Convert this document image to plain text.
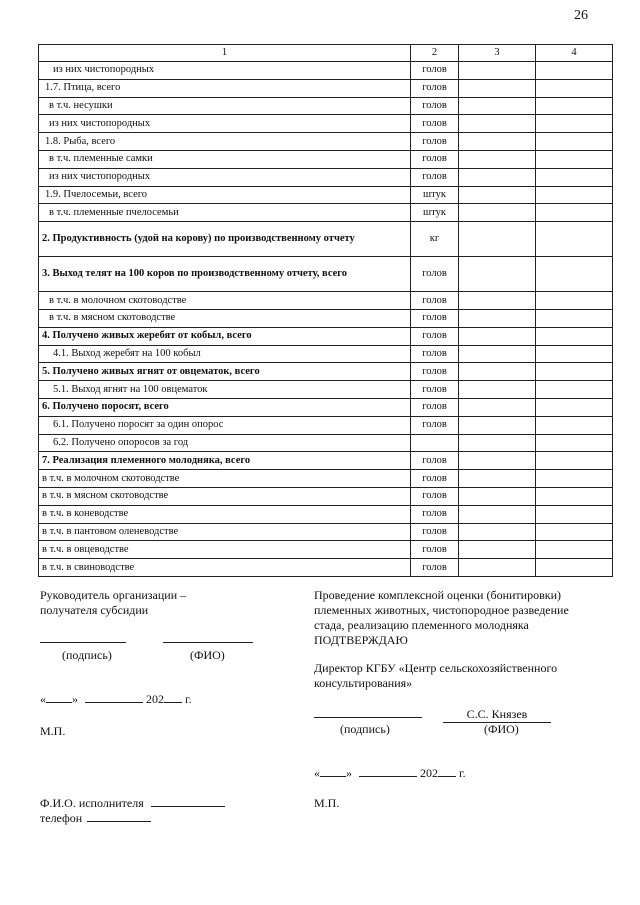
26
1	2	3	4
из них чистопородных	голов		
1.7. Птица, всего	голов		
в т.ч. несушки	голов		
из них чистопородных	голов		
1.8. Рыба, всего	голов		
в т.ч. племенные самки	голов		
из них чистопородных	голов		
1.9. Пчелосемьи, всего	штук		
в т.ч. племенные пчелосемьи	штук		
2. Продуктивность (удой на корову) по производственному отчету	кг		
3. Выход телят на 100 коров по производственному отчету, всего	голов		
в т.ч. в молочном скотоводстве	голов		
в т.ч. в мясном скотоводстве	голов		
4. Получено живых жеребят от кобыл, всего	голов		
4.1. Выход жеребят на 100 кобыл	голов		
5. Получено живых ягнят от овцематок, всего	голов		
5.1. Выход ягнят на 100 овцематок	голов		
6. Получено поросят, всего	голов		
6.1. Получено поросят за один опорос	голов		
6.2. Получено опоросов за год			
7. Реализация племенного молодняка, всего	голов		
в т.ч. в молочном скотоводстве	голов		
в т.ч. в мясном скотоводстве	голов		
в т.ч. в коневодстве	голов		
в т.ч. в пантовом оленеводстве	голов		
в т.ч. в овцеводстве	голов		
в т.ч. в свиноводстве	голов		
Руководитель организации –
получателя субсидии

(подпись)	(ФИО)
« »	202 г.
М.П.
Ф.И.О. исполнителя
телефон
Проведение комплексной оценки (бонитировки)
племенных животных, чистопородное разведение
стада, реализацию племенного молодняка
ПОДТВЕРЖДАЮ
Директор КГБУ «Центр сельскохозяйственного
консультирования»
С.С. Князев
(подпись)	(ФИО)
« »	202 г.
М.П.
